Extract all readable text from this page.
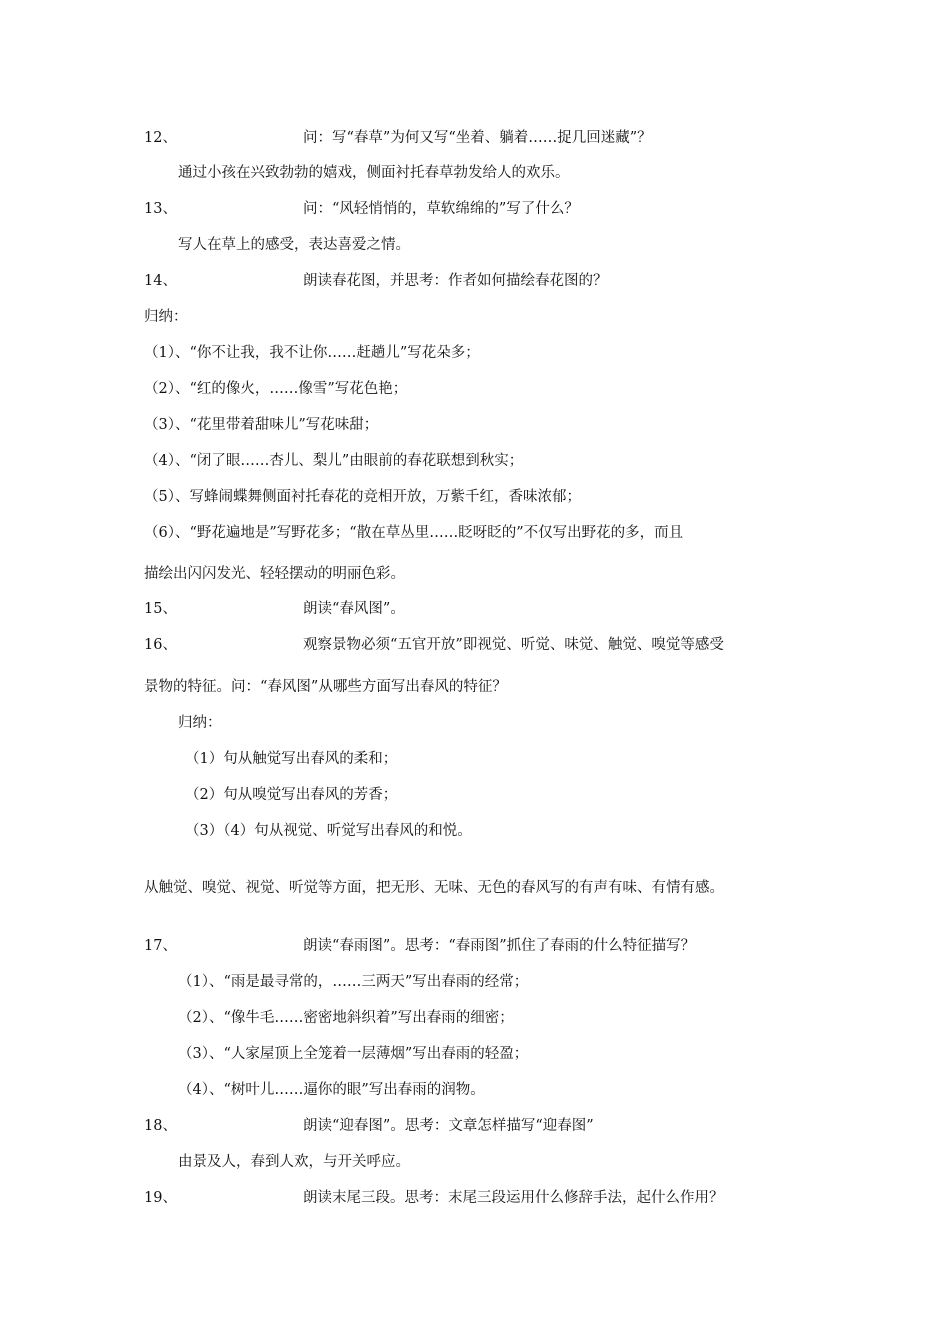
12、	问：写“春草”为何又写“坐着、躺着……捉几回迷藏”？
通过小孩在兴致勃勃的嬉戏，侧面衬托春草勃发给人的欢乐。
13、	问：“风轻悄悄的，草软绵绵的”写了什么？
写人在草上的感受，表达喜爱之情。
14、	朗读春花图，并思考：作者如何描绘春花图的？
归纳：
（1）、“你不让我，我不让你……赶趟儿”写花朵多；
（2）、“红的像火，……像雪”写花色艳；
（3）、“花里带着甜味儿”写花味甜；
（4）、“闭了眼……杏儿、梨儿”由眼前的春花联想到秋实；
（5）、写蜂闹蝶舞侧面衬托春花的竞相开放，万紫千红，香味浓郁；
（6）、“野花遍地是”写野花多；“散在草丛里……眨呀眨的”不仅写出野花的多，而且
描绘出闪闪发光、轻轻摆动的明丽色彩。
15、	朗读“春风图”。
16、	观察景物必须“五官开放”即视觉、听觉、味觉、触觉、嗅觉等感受
景物的特征。问：“春风图”从哪些方面写出春风的特征？
归纳：
（1）句从触觉写出春风的柔和；
（2）句从嗅觉写出春风的芳香；
（3）（4）句从视觉、听觉写出春风的和悦。
从触觉、嗅觉、视觉、听觉等方面，把无形、无味、无色的春风写的有声有味、有情有感。
17、	朗读“春雨图”。思考：“春雨图”抓住了春雨的什么特征描写？
（1）、“雨是最寻常的，……三两天”写出春雨的经常；
（2）、“像牛毛……密密地斜织着”写出春雨的细密；
（3）、“人家屋顶上全笼着一层薄烟”写出春雨的轻盈；
（4）、“树叶儿……逼你的眼”写出春雨的润物。
18、	朗读“迎春图”。思考：文章怎样描写“迎春图”
由景及人，春到人欢，与开关呼应。
19、	朗读末尾三段。思考：末尾三段运用什么修辞手法，起什么作用？
